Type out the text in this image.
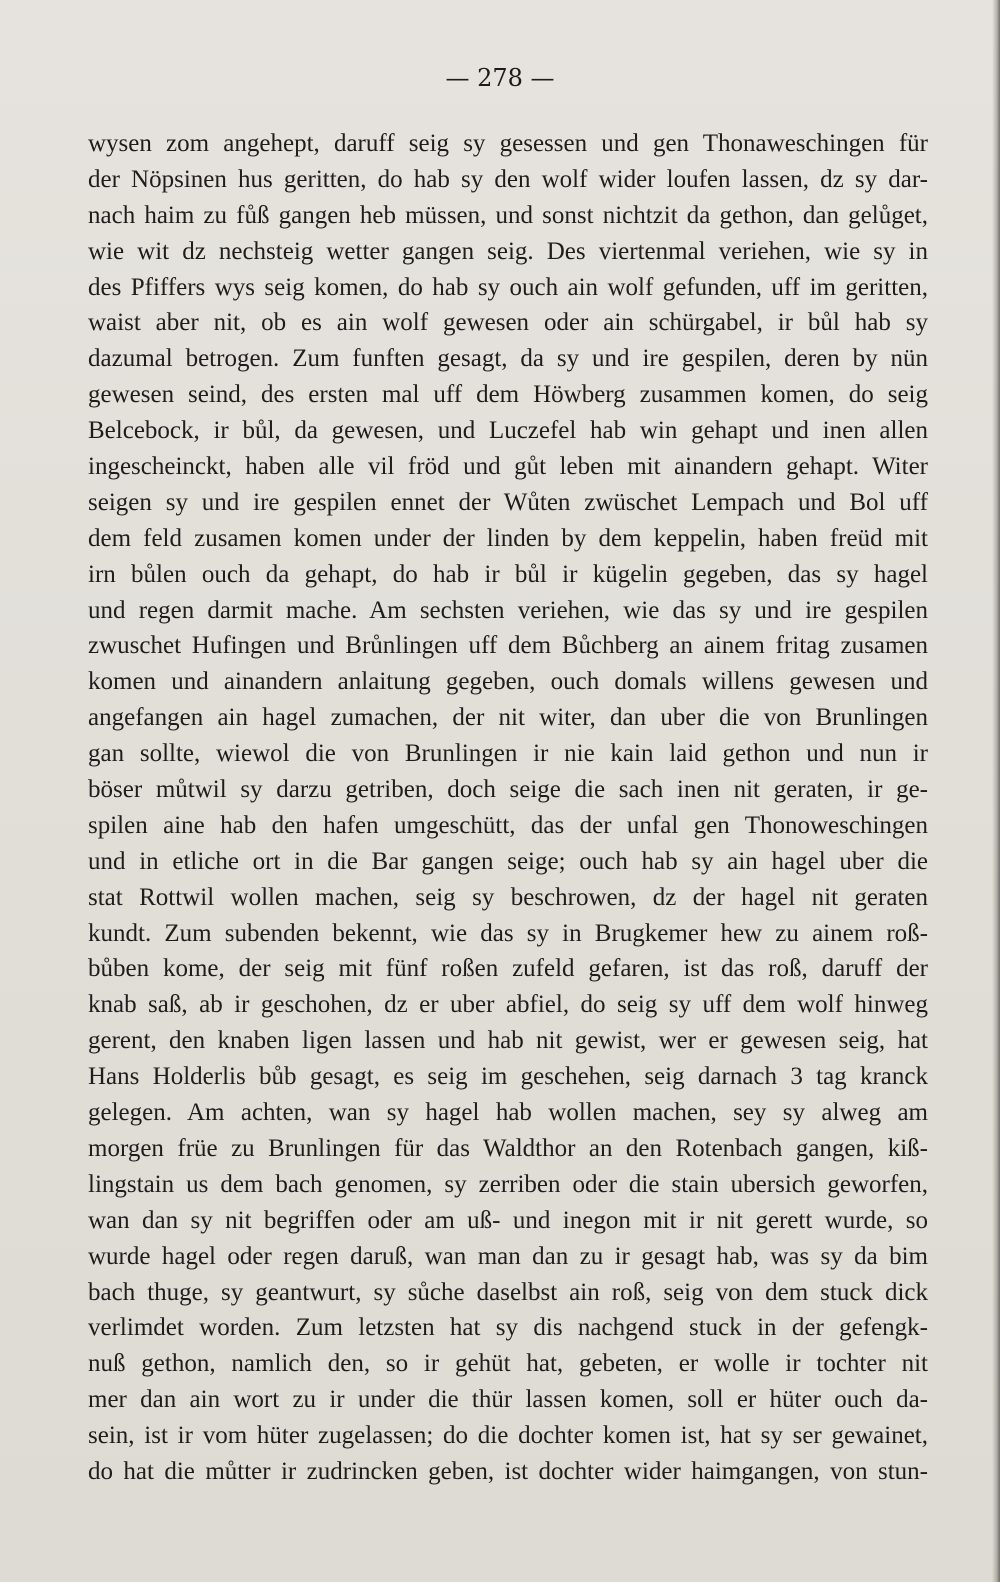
— 278 —
wysen zom angehept, daruff seig sy gesessen und gen Thonaweschingen für
der Nöpsinen hus geritten, do hab sy den wolf wider loufen lassen, dz sy dar-
nach haim zu fůß gangen heb müssen, und sonst nichtzit da gethon, dan gelůget,
wie wit dz nechsteig wetter gangen seig. Des viertenmal veriehen, wie sy in
des Pfiffers wys seig komen, do hab sy ouch ain wolf gefunden, uff im geritten,
waist aber nit, ob es ain wolf gewesen oder ain schürgabel, ir bůl hab sy
dazumal betrogen. Zum funften gesagt, da sy und ire gespilen, deren by nün
gewesen seind, des ersten mal uff dem Höwberg zusammen komen, do seig
Belcebock, ir bůl, da gewesen, und Luczefel hab win gehapt und inen allen
ingescheinckt, haben alle vil fröd und gůt leben mit ainandern gehapt. Witer
seigen sy und ire gespilen ennet der Wůten zwüschet Lempach und Bol uff
dem feld zusamen komen under der linden by dem keppelin, haben freüd mit
irn bůlen ouch da gehapt, do hab ir bůl ir kügelin gegeben, das sy hagel
und regen darmit mache. Am sechsten veriehen, wie das sy und ire gespilen
zwuschet Hufingen und Brůnlingen uff dem Bůchberg an ainem fritag zusamen
komen und ainandern anlaitung gegeben, ouch domals willens gewesen und
angefangen ain hagel zumachen, der nit witer, dan uber die von Brunlingen
gan sollte, wiewol die von Brunlingen ir nie kain laid gethon und nun ir
böser můtwil sy darzu getriben, doch seige die sach inen nit geraten, ir ge-
spilen aine hab den hafen umgeschütt, das der unfal gen Thonoweschingen
und in etliche ort in die Bar gangen seige; ouch hab sy ain hagel uber die
stat Rottwil wollen machen, seig sy beschrowen, dz der hagel nit geraten
kundt. Zum subenden bekennt, wie das sy in Brugkemer hew zu ainem roß-
bůben kome, der seig mit fünf roßen zufeld gefaren, ist das roß, daruff der
knab saß, ab ir geschohen, dz er uber abfiel, do seig sy uff dem wolf hinweg
gerent, den knaben ligen lassen und hab nit gewist, wer er gewesen seig, hat
Hans Holderlis bůb gesagt, es seig im geschehen, seig darnach 3 tag kranck
gelegen. Am achten, wan sy hagel hab wollen machen, sey sy alweg am
morgen früe zu Brunlingen für das Waldthor an den Rotenbach gangen, kiß-
lingstain us dem bach genomen, sy zerriben oder die stain ubersich geworfen,
wan dan sy nit begriffen oder am uß- und inegon mit ir nit gerett wurde, so
wurde hagel oder regen daruß, wan man dan zu ir gesagt hab, was sy da bim
bach thuge, sy geantwurt, sy sůche daselbst ain roß, seig von dem stuck dick
verlimdet worden. Zum letzsten hat sy dis nachgend stuck in der gefengk-
nuß gethon, namlich den, so ir gehüt hat, gebeten, er wolle ir tochter nit
mer dan ain wort zu ir under die thür lassen komen, soll er hüter ouch da-
sein, ist ir vom hüter zugelassen; do die dochter komen ist, hat sy ser gewainet,
do hat die můtter ir zudrincken geben, ist dochter wider haimgangen, von stun-
